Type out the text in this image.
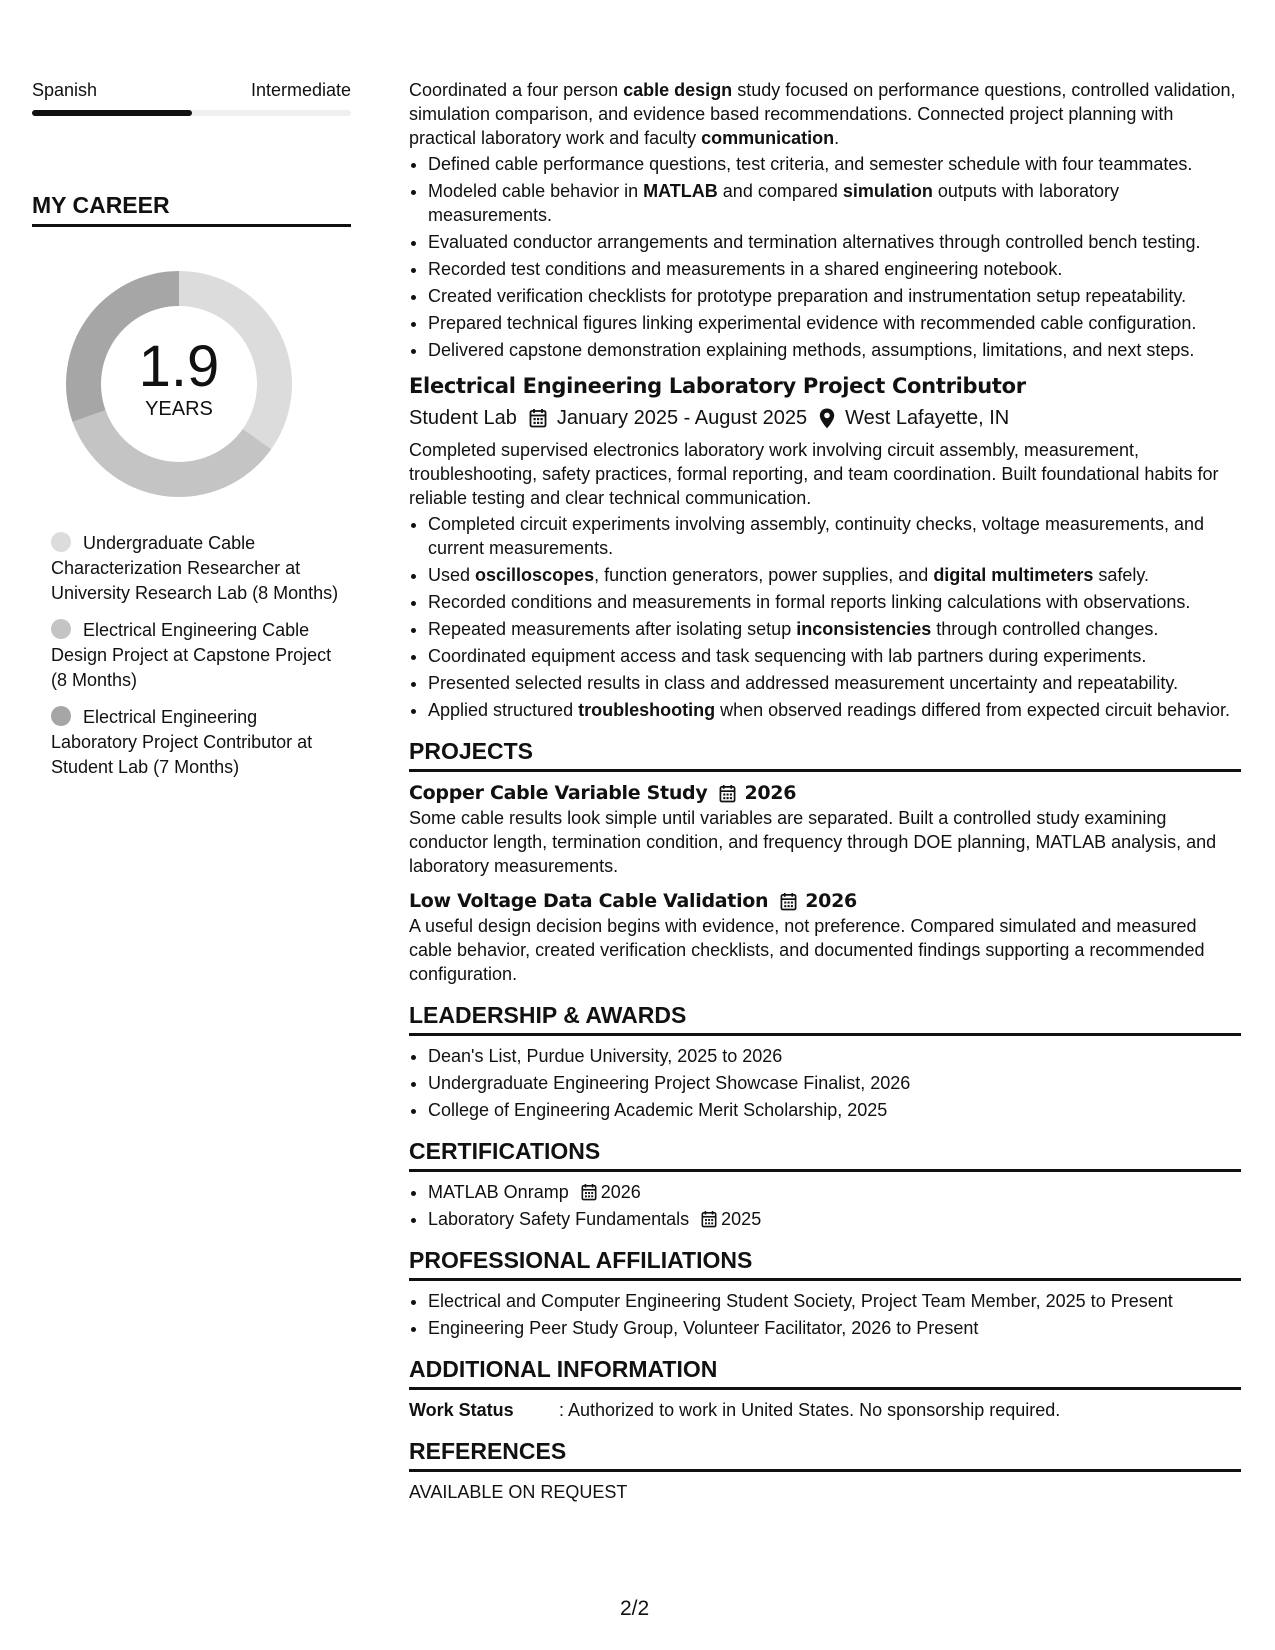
Spanish	Intermediate
MY CAREER
1.9
YEARS
Undergraduate Cable Characterization Researcher at University Research Lab (8 Months)
Electrical Engineering Cable Design Project at Capstone Project (8 Months)
Electrical Engineering Laboratory Project Contributor at Student Lab (7 Months)

Coordinated a four person cable design study focused on performance questions, controlled validation, simulation comparison, and evidence based recommendations. Connected project planning with practical laboratory work and faculty communication.

• Defined cable performance questions, test criteria, and semester schedule with four teammates.
• Modeled cable behavior in MATLAB and compared simulation outputs with laboratory measurements.
• Evaluated conductor arrangements and termination alternatives through controlled bench testing.
• Recorded test conditions and measurements in a shared engineering notebook.
• Created verification checklists for prototype preparation and instrumentation setup repeatability.
• Prepared technical figures linking experimental evidence with recommended cable configuration.
• Delivered capstone demonstration explaining methods, assumptions, limitations, and next steps.
Electrical Engineering Laboratory Project Contributor
Student Lab January 2025 - August 2025 West Lafayette, IN

Completed supervised electronics laboratory work involving circuit assembly, measurement, troubleshooting, safety practices, formal reporting, and team coordination. Built foundational habits for reliable testing and clear technical communication.

• Completed circuit experiments involving assembly, continuity checks, voltage measurements, and current measurements.
• Used oscilloscopes, function generators, power supplies, and digital multimeters safely.
• Recorded conditions and measurements in formal reports linking calculations with observations.
• Repeated measurements after isolating setup inconsistencies through controlled changes.
• Coordinated equipment access and task sequencing with lab partners during experiments.
• Presented selected results in class and addressed measurement uncertainty and repeatability.
• Applied structured troubleshooting when observed readings differed from expected circuit behavior.
PROJECTS
Copper Cable Variable Study 2026

Some cable results look simple until variables are separated. Built a controlled study examining conductor length, termination condition, and frequency through DOE planning, MATLAB analysis, and laboratory measurements.

Low Voltage Data Cable Validation 2026

A useful design decision begins with evidence, not preference. Compared simulated and measured cable behavior, created verification checklists, and documented findings supporting a recommended configuration.

LEADERSHIP & AWARDS
• Dean's List, Purdue University, 2025 to 2026
• Undergraduate Engineering Project Showcase Finalist, 2026
• College of Engineering Academic Merit Scholarship, 2025
CERTIFICATIONS
• MATLAB Onramp 2026
• Laboratory Safety Fundamentals 2025
PROFESSIONAL AFFILIATIONS
• Electrical and Computer Engineering Student Society, Project Team Member, 2025 to Present
• Engineering Peer Study Group, Volunteer Facilitator, 2026 to Present
ADDITIONAL INFORMATION
Work Status	: Authorized to work in United States. No sponsorship required.
REFERENCES

AVAILABLE ON REQUEST

2/2
